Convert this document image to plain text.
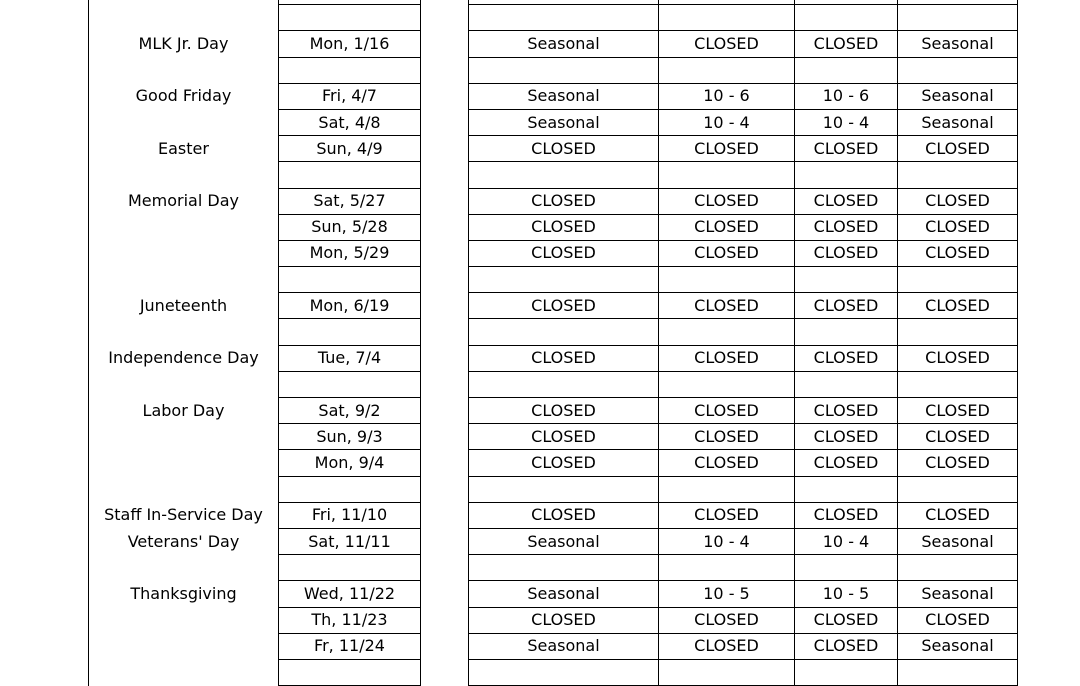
MLK Jr. Day	Mon, 1/16		Seasonal	CLOSED	CLOSED	Seasonal

Good Friday	Fri, 4/7		Seasonal	10 - 6	10 - 6	Seasonal
	Sat, 4/8		Seasonal	10 - 4	10 - 4	Seasonal
Easter	Sun, 4/9		CLOSED	CLOSED	CLOSED	CLOSED

Memorial Day	Sat, 5/27		CLOSED	CLOSED	CLOSED	CLOSED
	Sun, 5/28		CLOSED	CLOSED	CLOSED	CLOSED
	Mon, 5/29		CLOSED	CLOSED	CLOSED	CLOSED

Juneteenth	Mon, 6/19		CLOSED	CLOSED	CLOSED	CLOSED

Independence Day	Tue, 7/4		CLOSED	CLOSED	CLOSED	CLOSED

Labor Day	Sat, 9/2		CLOSED	CLOSED	CLOSED	CLOSED
	Sun, 9/3		CLOSED	CLOSED	CLOSED	CLOSED
	Mon, 9/4		CLOSED	CLOSED	CLOSED	CLOSED

Staff In-Service Day	Fri, 11/10		CLOSED	CLOSED	CLOSED	CLOSED
Veterans' Day	Sat, 11/11		Seasonal	10 - 4	10 - 4	Seasonal

Thanksgiving	Wed, 11/22		Seasonal	10 - 5	10 - 5	Seasonal
	Th, 11/23		CLOSED	CLOSED	CLOSED	CLOSED
	Fr, 11/24		Seasonal	CLOSED	CLOSED	Seasonal
